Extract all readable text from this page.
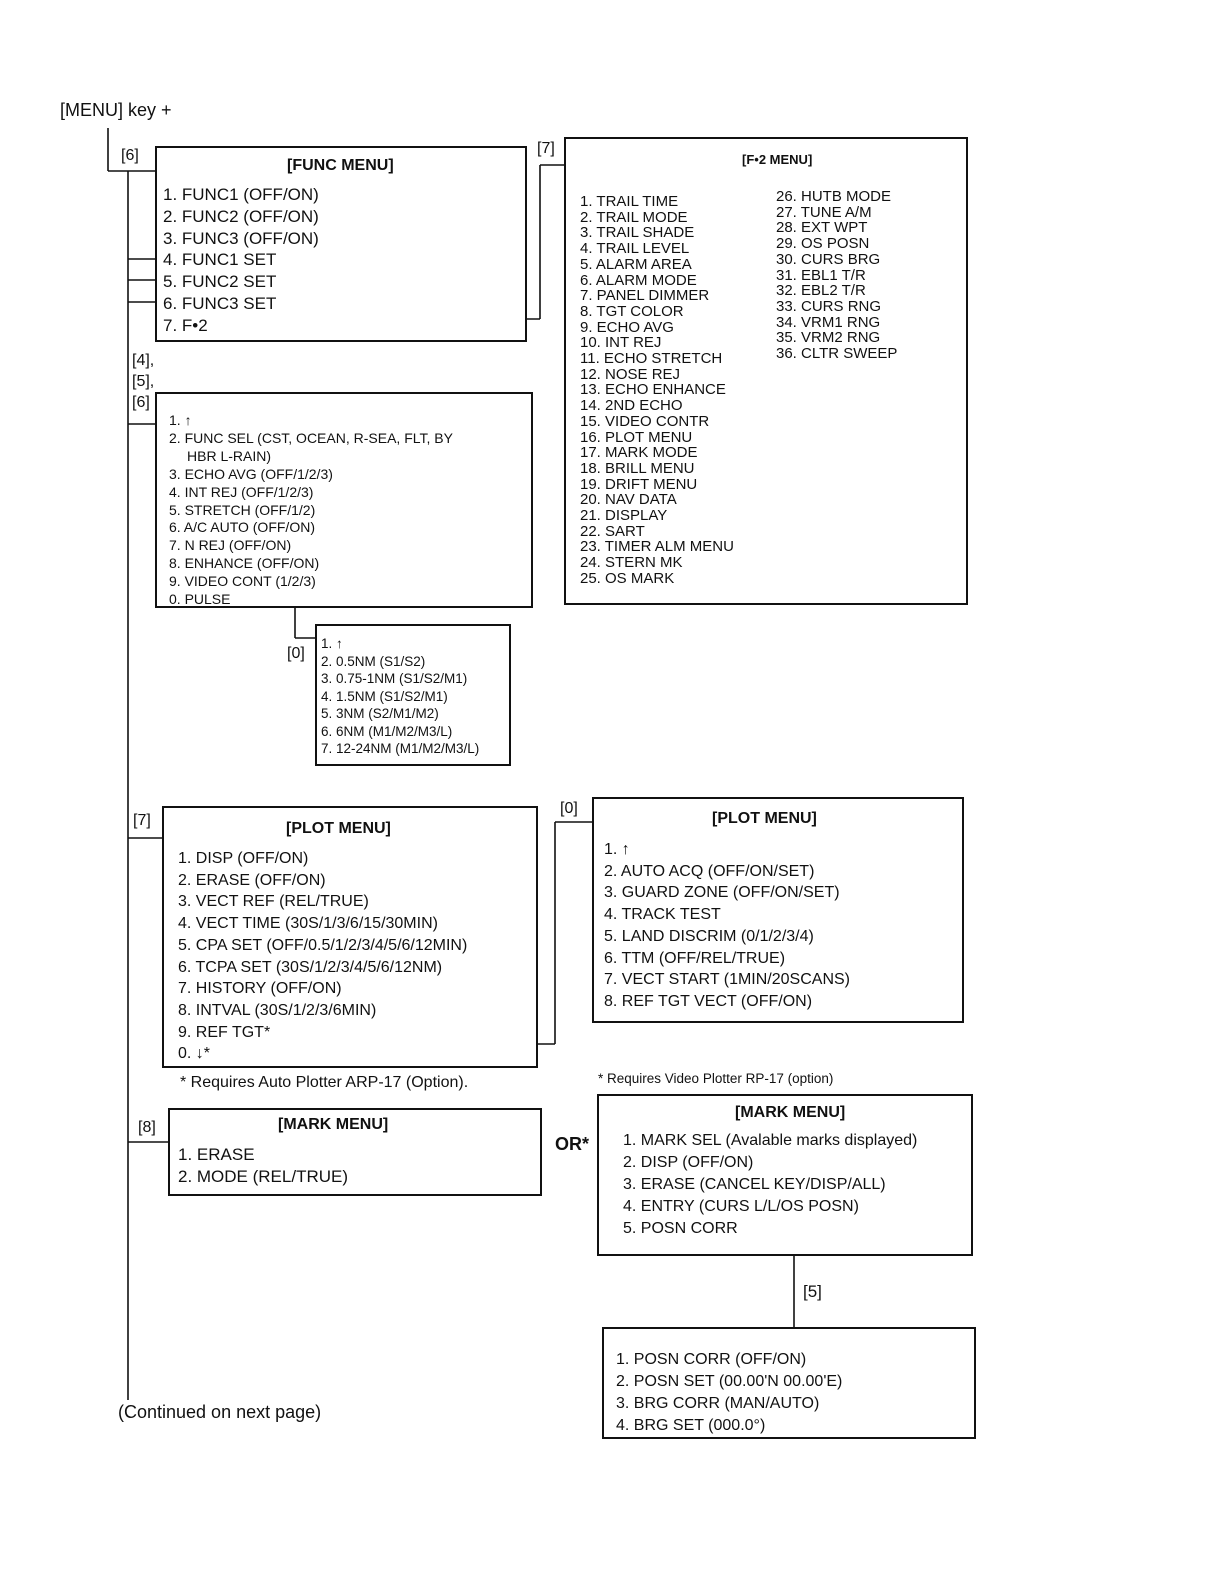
[MENU] key +
[6]	[7]
[4],
[5],
[6]
[0]
[7]
[0]
[8]
[5]
[FUNC MENU]
1. FUNC1 (OFF/ON)
2. FUNC2 (OFF/ON)
3. FUNC3 (OFF/ON)
4. FUNC1 SET
5. FUNC2 SET
6. FUNC3 SET
7. F•2
1. ↑
2. FUNC SEL (CST, OCEAN, R-SEA, FLT, BY
HBR L-RAIN)
3. ECHO AVG (OFF/1/2/3)
4. INT REJ (OFF/1/2/3)
5. STRETCH (OFF/1/2)
6. A/C AUTO (OFF/ON)
7. N REJ (OFF/ON)
8. ENHANCE (OFF/ON)
9. VIDEO CONT (1/2/3)
0. PULSE
1. ↑
2. 0.5NM (S1/S2)
3. 0.75-1NM (S1/S2/M1)
4. 1.5NM (S1/S2/M1)
5. 3NM (S2/M1/M2)
6. 6NM (M1/M2/M3/L)
7. 12-24NM (M1/M2/M3/L)
[F•2 MENU]
1. TRAIL TIME
2. TRAIL MODE
3. TRAIL SHADE
4. TRAIL LEVEL
5. ALARM AREA
6. ALARM MODE
7. PANEL DIMMER
8. TGT COLOR
9. ECHO AVG
10. INT REJ
11. ECHO STRETCH
12. NOSE REJ
13. ECHO ENHANCE
14. 2ND ECHO
15. VIDEO CONTR
16. PLOT MENU
17. MARK MODE
18. BRILL MENU
19. DRIFT MENU
20. NAV DATA
21. DISPLAY
22. SART
23. TIMER ALM MENU
24. STERN MK
25. OS MARK
26. HUTB MODE
27. TUNE A/M
28. EXT WPT
29. OS POSN
30. CURS BRG
31. EBL1 T/R
32. EBL2 T/R
33. CURS RNG
34. VRM1 RNG
35. VRM2 RNG
36. CLTR SWEEP
[PLOT MENU]
1. DISP (OFF/ON)
2. ERASE (OFF/ON)
3. VECT REF (REL/TRUE)
4. VECT TIME (30S/1/3/6/15/30MIN)
5. CPA SET (OFF/0.5/1/2/3/4/5/6/12MIN)
6. TCPA SET (30S/1/2/3/4/5/6/12NM)
7. HISTORY (OFF/ON)
8. INTVAL (30S/1/2/3/6MIN)
9. REF TGT*
0. ↓*
* Requires Auto Plotter ARP-17 (Option).
[PLOT MENU]
1. ↑
2. AUTO ACQ (OFF/ON/SET)
3. GUARD ZONE (OFF/ON/SET)
4. TRACK TEST
5. LAND DISCRIM (0/1/2/3/4)
6. TTM (OFF/REL/TRUE)
7. VECT START (1MIN/20SCANS)
8. REF TGT VECT (OFF/ON)
* Requires Video Plotter RP-17 (option)
[MARK MENU]
1. ERASE
2. MODE (REL/TRUE)
OR*
[MARK MENU]
1. MARK SEL (Avalable marks displayed)
2. DISP (OFF/ON)
3. ERASE (CANCEL KEY/DISP/ALL)
4. ENTRY (CURS L/L/OS POSN)
5. POSN CORR
1. POSN CORR (OFF/ON)
2. POSN SET (00.00'N 00.00'E)
3. BRG CORR (MAN/AUTO)
4. BRG SET (000.0°)
(Continued on next page)
